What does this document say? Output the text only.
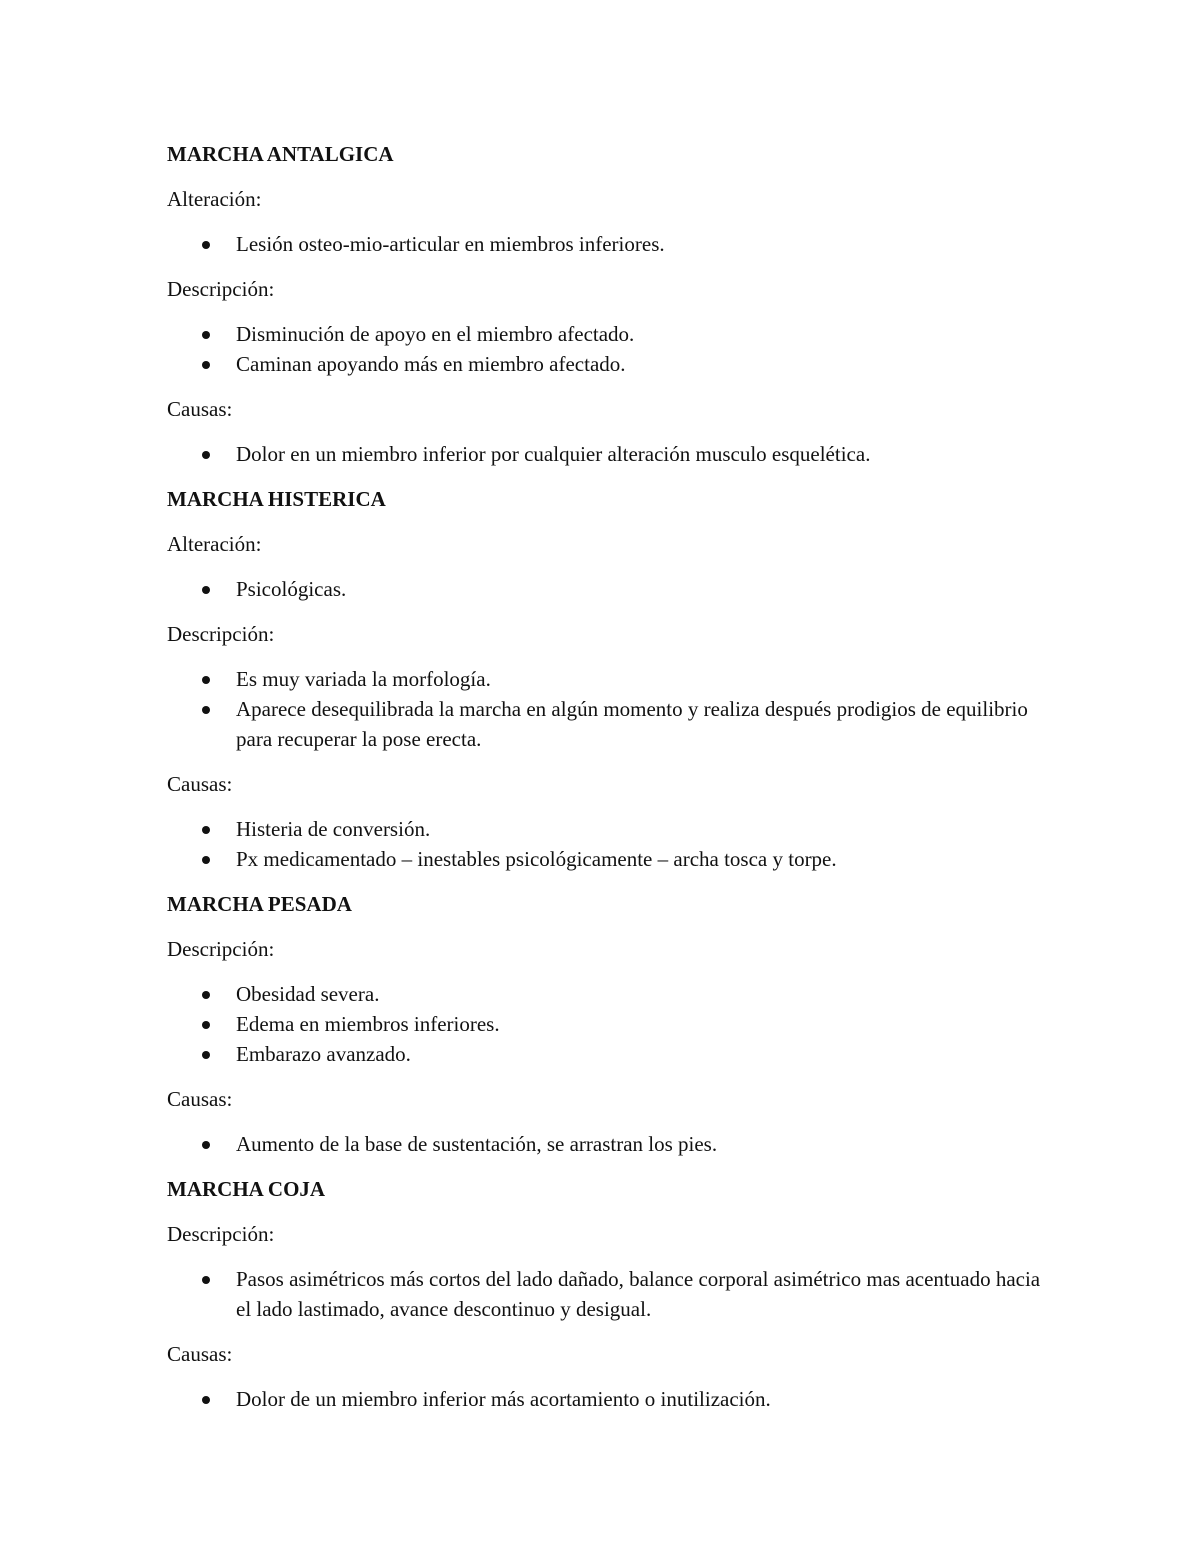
MARCHA ANTALGICA

Alteración:

Lesión osteo-mio-articular en miembros inferiores.

Descripción:

Disminución de apoyo en el miembro afectado.
Caminan apoyando más en miembro afectado.

Causas:

Dolor en un miembro inferior por cualquier alteración musculo esquelética.

MARCHA HISTERICA

Alteración:

Psicológicas.

Descripción:

Es muy variada la morfología.
Aparece desequilibrada la marcha en algún momento y realiza después prodigios de equilibrio para recuperar la pose erecta.

Causas:

Histeria de conversión.
Px medicamentado – inestables psicológicamente – archa tosca y torpe.

MARCHA PESADA

Descripción:

Obesidad severa.
Edema en miembros inferiores.
Embarazo avanzado.

Causas:

Aumento de la base de sustentación, se arrastran los pies.

MARCHA COJA

Descripción:

Pasos asimétricos más cortos del lado dañado, balance corporal asimétrico mas acentuado hacia el lado lastimado, avance descontinuo y desigual.

Causas:

Dolor de un miembro inferior más acortamiento o inutilización.
